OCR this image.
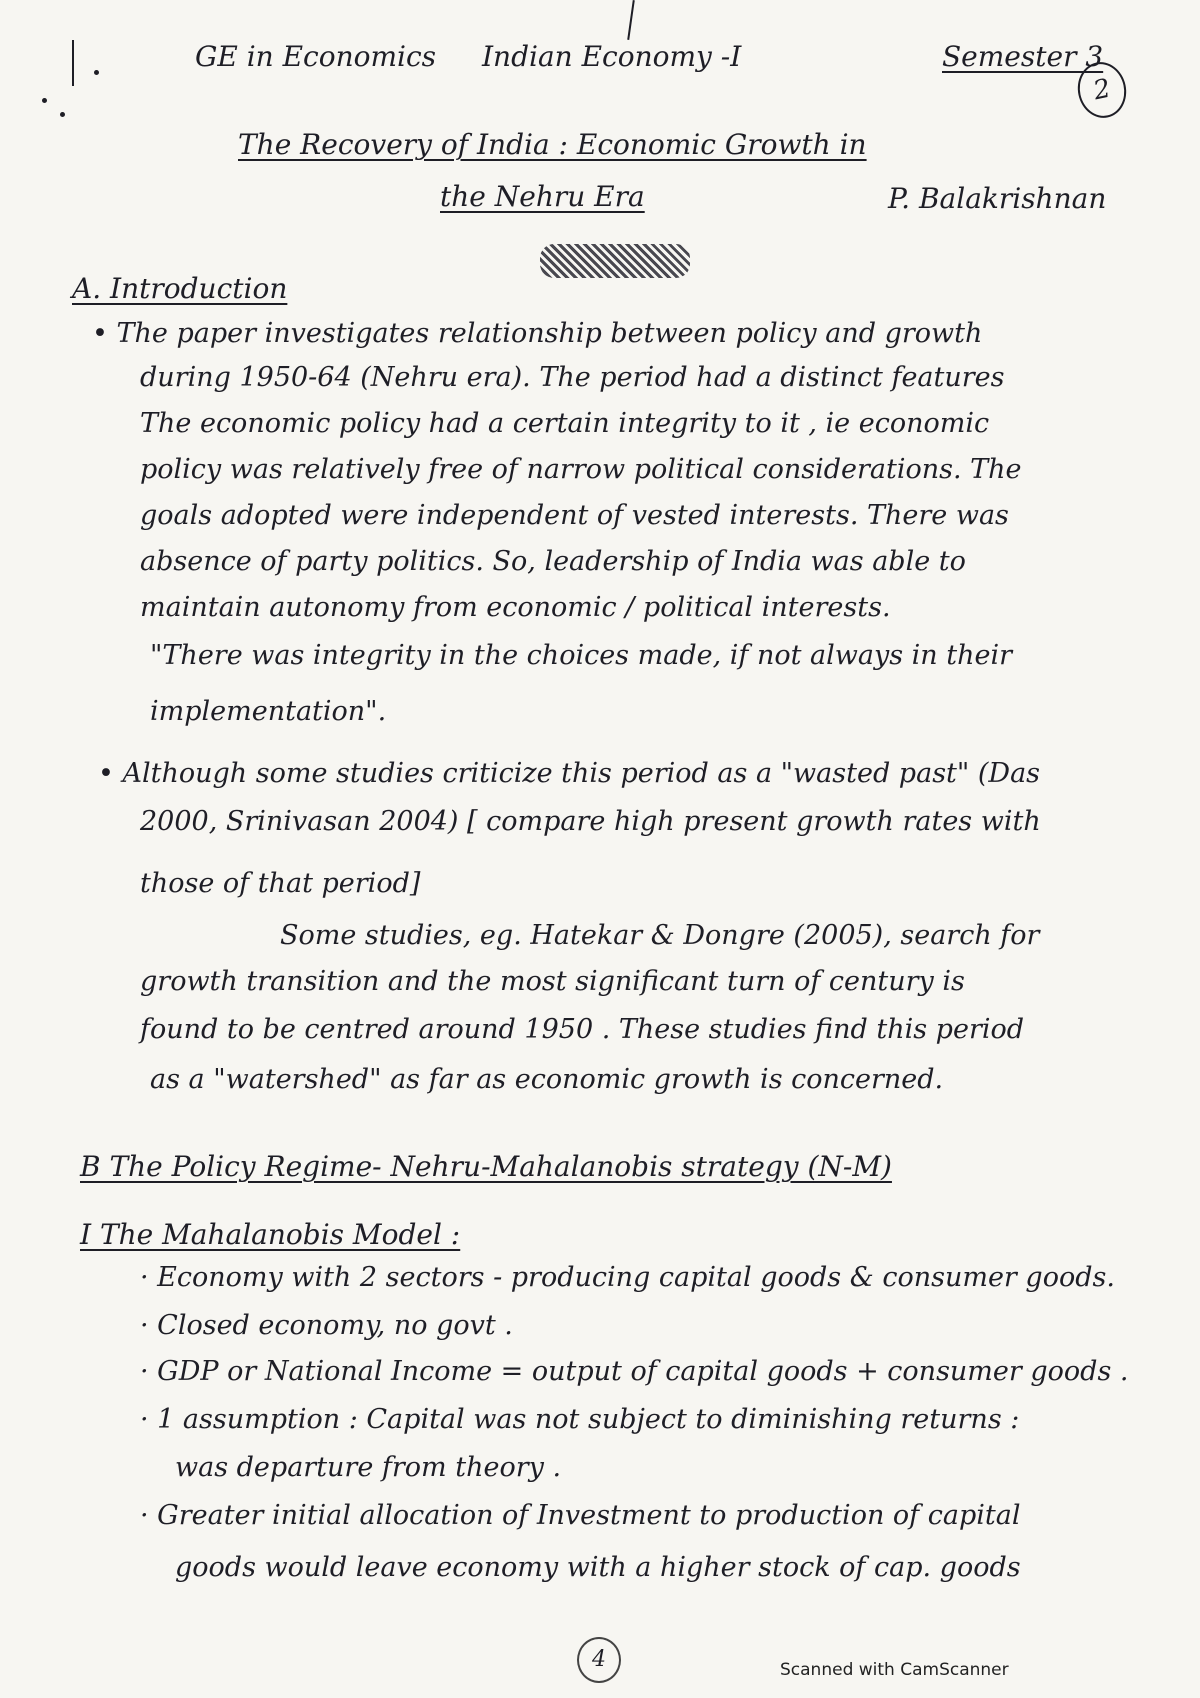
GE in Economics Indian Economy -I	Semester 3
2
The Recovery of India : Economic Growth in
the Nehru Era	P. Balakrishnan
A. Introduction
• The paper investigates relationship between policy and growth
during 1950-64 (Nehru era). The period had a distinct features
The economic policy had a certain integrity to it , ie economic
policy was relatively free of narrow political considerations. The
goals adopted were independent of vested interests. There was
absence of party politics. So, leadership of India was able to
maintain autonomy from economic / political interests.
"There was integrity in the choices made, if not always in their
implementation".
• Although some studies criticize this period as a "wasted past" (Das
2000, Srinivasan 2004) [ compare high present growth rates with
those of that period]
Some studies, eg. Hatekar & Dongre (2005), search for
growth transition and the most significant turn of century is
found to be centred around 1950 . These studies find this period
as a "watershed" as far as economic growth is concerned.
B The Policy Regime- Nehru-Mahalanobis strategy (N-M)
I The Mahalanobis Model :
· Economy with 2 sectors - producing capital goods & consumer goods.
· Closed economy, no govt .
· GDP or National Income = output of capital goods + consumer goods .
· 1 assumption : Capital was not subject to diminishing returns :
was departure from theory .
· Greater initial allocation of Investment to production of capital
goods would leave economy with a higher stock of cap. goods
4	Scanned with CamScanner
